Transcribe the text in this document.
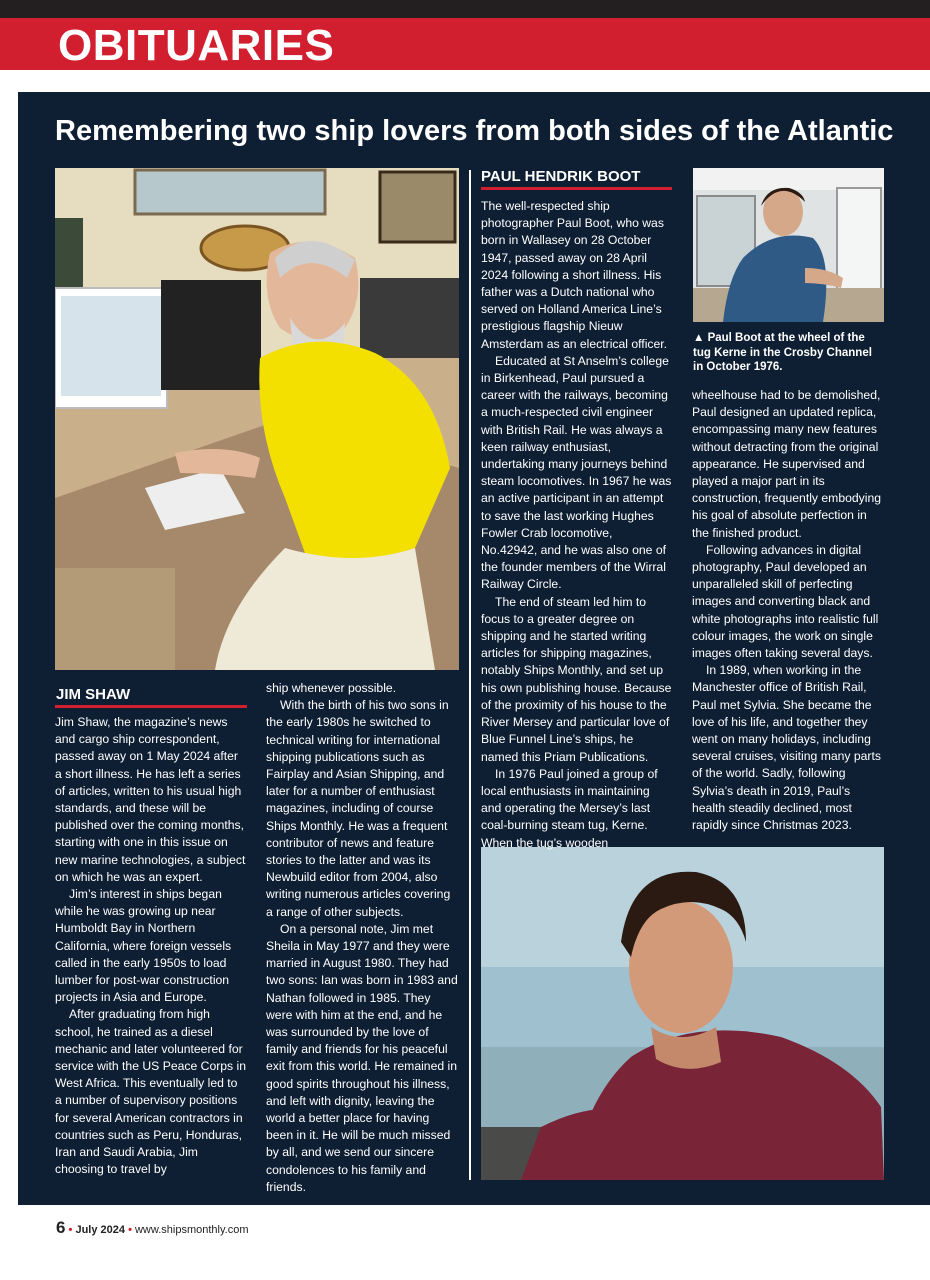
OBITUARIES
Remembering two ship lovers from both sides of the Atlantic
JIM SHAW

Jim Shaw, the magazine’s news and cargo ship correspondent, passed away on 1 May 2024 after a short illness. He has left a series of articles, written to his usual high standards, and these will be published over the coming months, starting with one in this issue on new marine technologies, a subject on which he was an expert.

Jim’s interest in ships began while he was growing up near Humboldt Bay in Northern California, where foreign vessels called in the early 1950s to load lumber for post-war construction projects in Asia and Europe.

After graduating from high school, he trained as a diesel mechanic and later volunteered for service with the US Peace Corps in West Africa. This eventually led to a number of supervisory positions for several American contractors in countries such as Peru, Honduras, Iran and Saudi Arabia, Jim choosing to travel by

ship whenever possible.

With the birth of his two sons in the early 1980s he switched to technical writing for international shipping publications such as Fairplay and Asian Shipping, and later for a number of enthusiast magazines, including of course Ships Monthly. He was a frequent contributor of news and feature stories to the latter and was its Newbuild editor from 2004, also writing numerous articles covering a range of other subjects.

On a personal note, Jim met Sheila in May 1977 and they were married in August 1980. They had two sons: Ian was born in 1983 and Nathan followed in 1985. They were with him at the end, and he was surrounded by the love of family and friends for his peaceful exit from this world. He remained in good spirits throughout his illness, and left with dignity, leaving the world a better place for having been in it. He will be much missed by all, and we send our sincere condolences to his family and friends.

PAUL HENDRIK BOOT

The well-respected ship photographer Paul Boot, who was born in Wallasey on 28 October 1947, passed away on 28 April 2024 following a short illness. His father was a Dutch national who served on Holland America Line’s prestigious flagship Nieuw Amsterdam as an electrical officer.

Educated at St Anselm’s college in Birkenhead, Paul pursued a career with the railways, becoming a much-respected civil engineer with British Rail. He was always a keen railway enthusiast, undertaking many journeys behind steam locomotives. In 1967 he was an active participant in an attempt to save the last working Hughes Fowler Crab locomotive, No.42942, and he was also one of the founder members of the Wirral Railway Circle.

The end of steam led him to focus to a greater degree on shipping and he started writing articles for shipping magazines, notably Ships Monthly, and set up his own publishing house. Because of the proximity of his house to the River Mersey and particular love of Blue Funnel Line’s ships, he named this Priam Publications.

In 1976 Paul joined a group of local enthusiasts in maintaining and operating the Mersey’s last coal-burning steam tug, Kerne. When the tug’s wooden

▲ Paul Boot at the wheel of the tug Kerne in the Crosby Channel in October 1976.

wheelhouse had to be demolished, Paul designed an updated replica, encompassing many new features without detracting from the original appearance. He supervised and played a major part in its construction, frequently embodying his goal of absolute perfection in the finished product.

Following advances in digital photography, Paul developed an unparalleled skill of perfecting images and converting black and white photographs into realistic full colour images, the work on single images often taking several days.

In 1989, when working in the Manchester office of British Rail, Paul met Sylvia. She became the love of his life, and together they went on many holidays, including several cruises, visiting many parts of the world. Sadly, following Sylvia’s death in 2019, Paul’s health steadily declined, most rapidly since Christmas 2023.

6 • July 2024 • www.shipsmonthly.com
